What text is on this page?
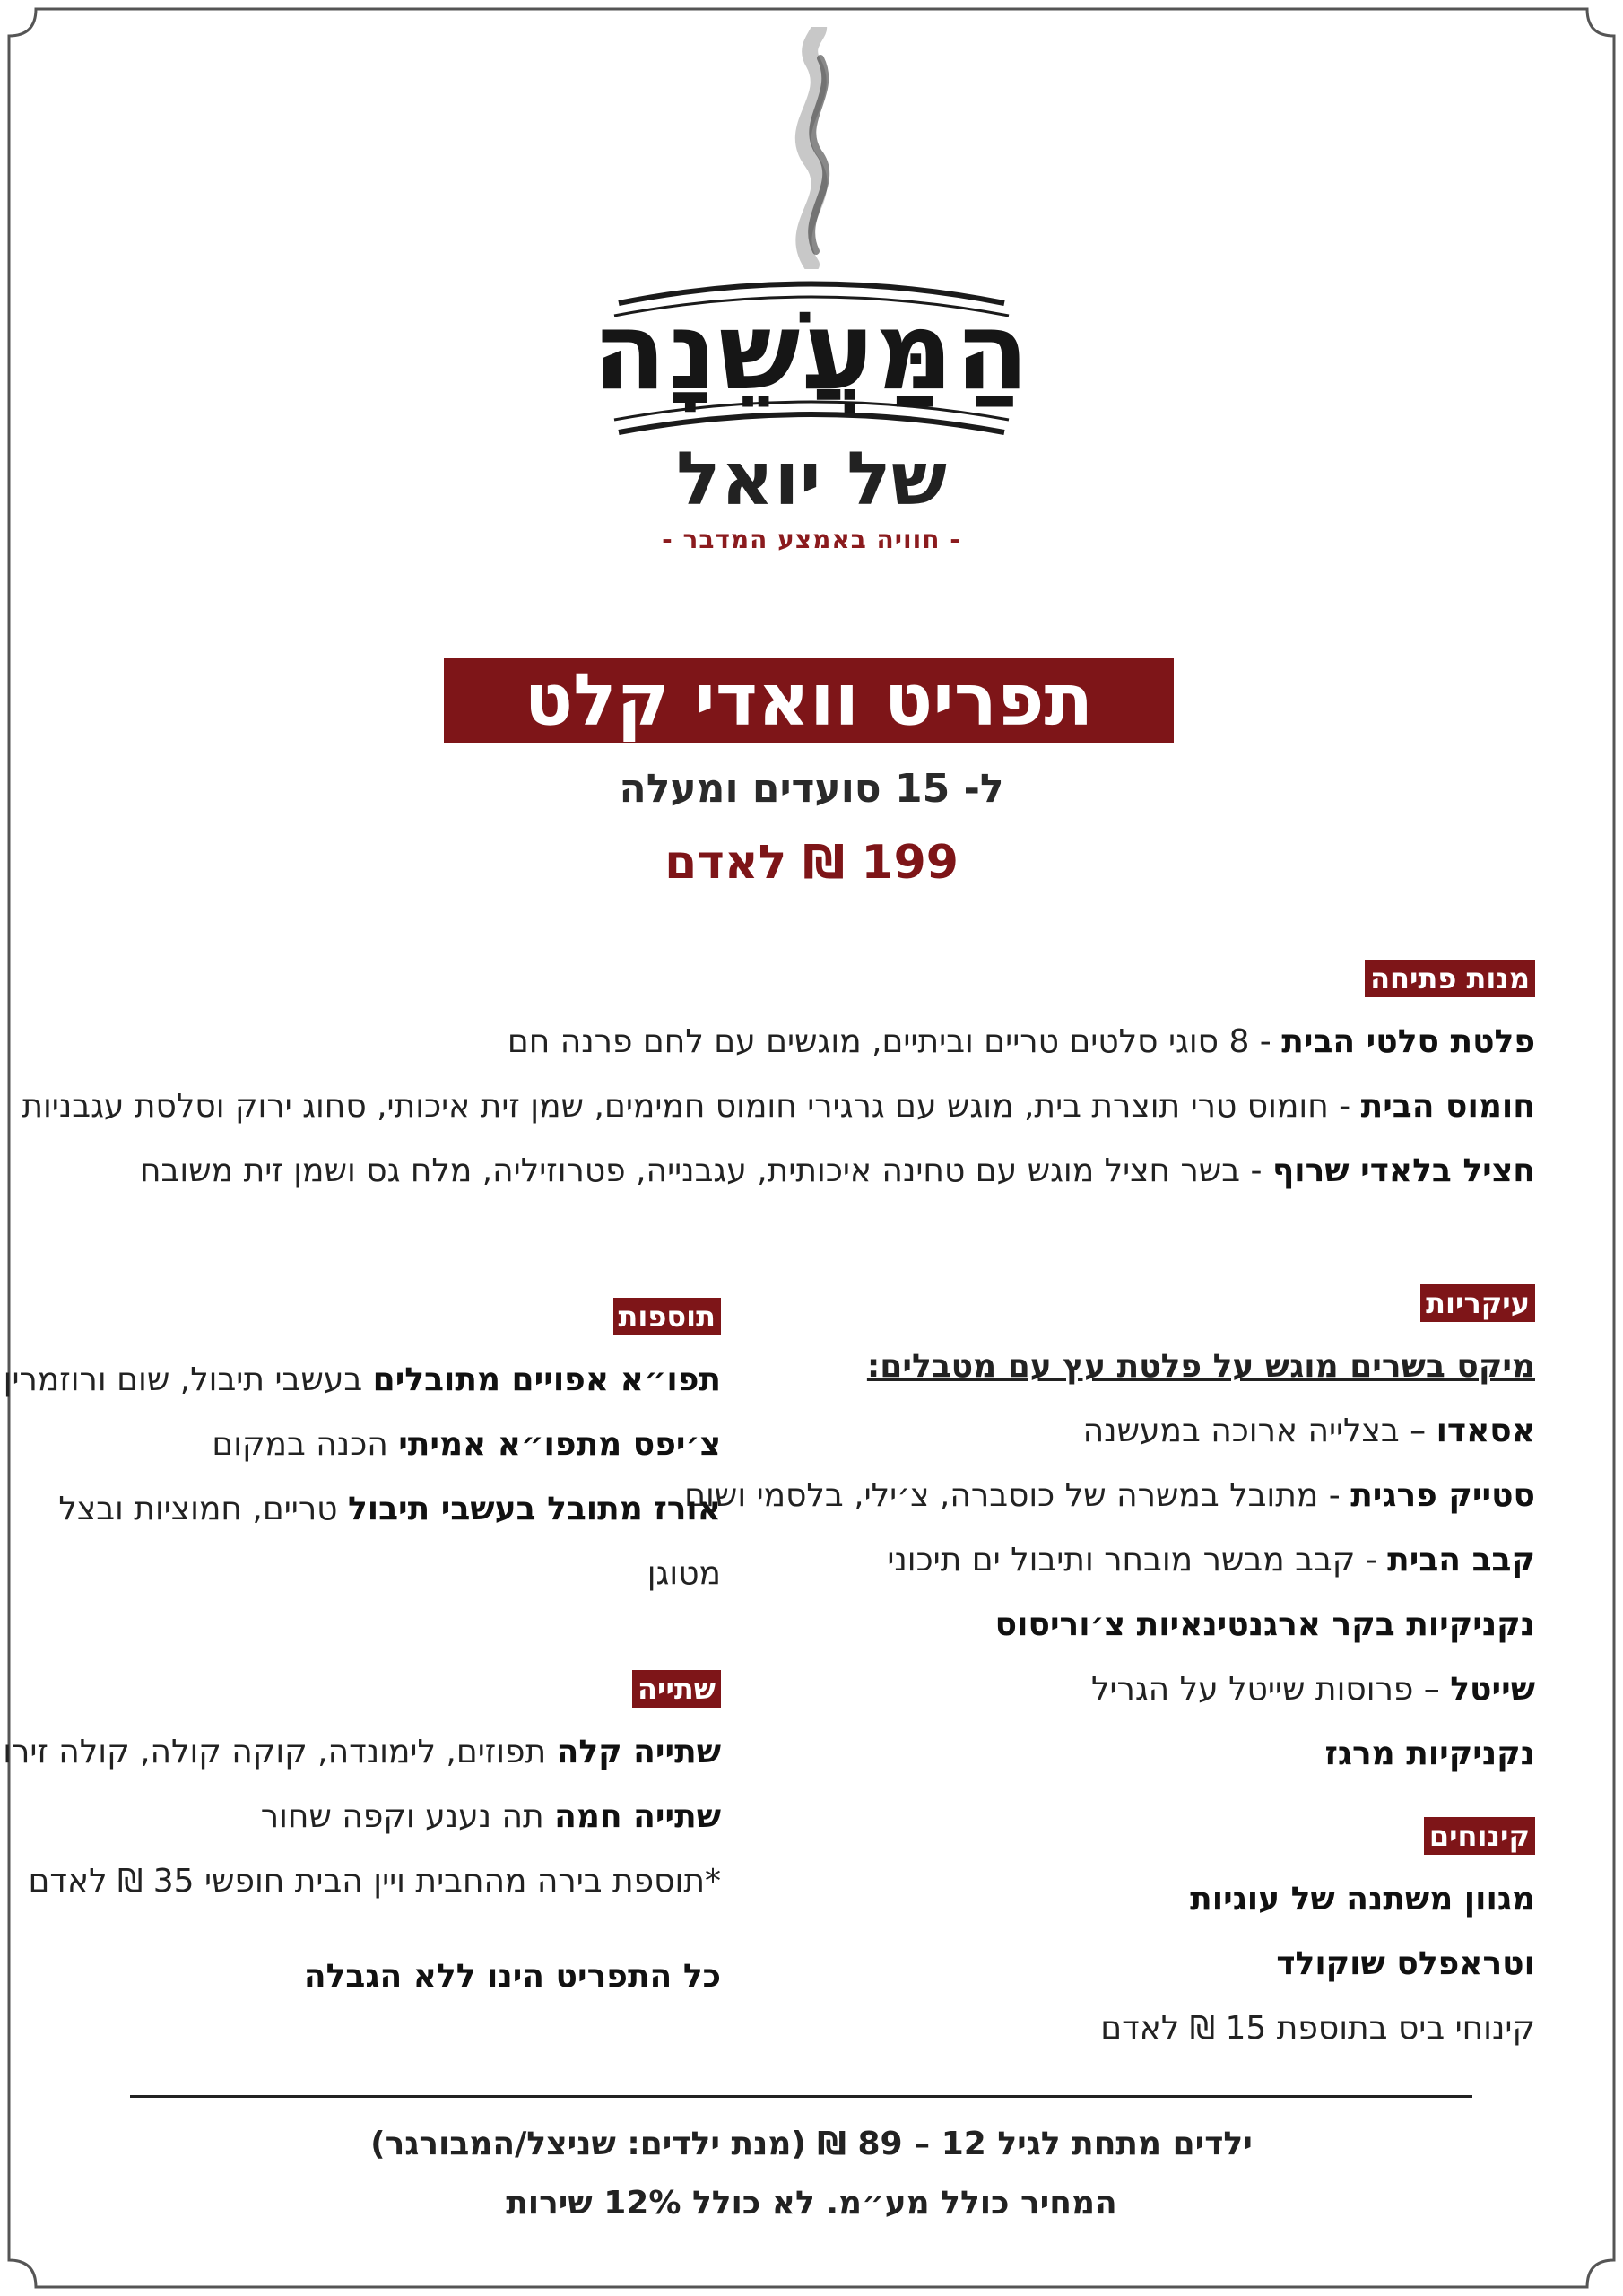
הַמַּעֲשֵׁנָה
של יואל
- חוויה באמצע המדבר -
תפריט וואדי קלט
ל- 15 סועדים ומעלה
199 ₪ לאדם
מנות פתיחה
פלטת סלטי הבית - 8 סוגי סלטים טריים וביתיים, מוגשים עם לחם פרנה חם
חומוס הבית - חומוס טרי תוצרת בית, מוגש עם גרגירי חומוס חמימים, שמן זית איכותי, סחוג ירוק וסלסת עגבניות
חציל בלאדי שרוף - בשר חציל מוגש עם טחינה איכותית, עגבנייה, פטרוזיליה, מלח גס ושמן זית משובח
עיקריות
מיקס בשרים מוגש על פלטת עץ עם מטבלים:
אסאדו – בצלייה ארוכה במעשנה
סטייק פרגית - מתובל במשרה של כוסברה, צ׳ילי, בלסמי ושום
קבב הבית - קבב מבשר מובחר ותיבול ים תיכוני
נקניקיות בקר ארגנטינאיות צ׳וריסוס
שייטל – פרוסות שייטל על הגריל
נקניקיות מרגז
קינוחים
מגוון משתנה של עוגיות
וטראפלס שוקולד
קינוחי ביס בתוספת 15 ₪ לאדם
תוספות
תפו״א אפויים מתובלים בעשבי תיבול, שום ורוזמרין
צ׳יפס מתפו״א אמיתי הכנה במקום
אורז מתובל בעשבי תיבול טריים, חמוציות ובצל
מטוגן
שתייה
שתייה קלה תפוזים, לימונדה, קוקה קולה, קולה זירו
שתייה חמה תה נענע וקפה שחור
*תוספת בירה מהחבית ויין הבית חופשי 35 ₪ לאדם
כל התפריט הינו ללא הגבלה
ילדים מתחת לגיל 12 – 89 ₪ (מנת ילדים: שניצל/המבורגר)
המחיר כולל מע״מ. לא כולל 12% שירות
